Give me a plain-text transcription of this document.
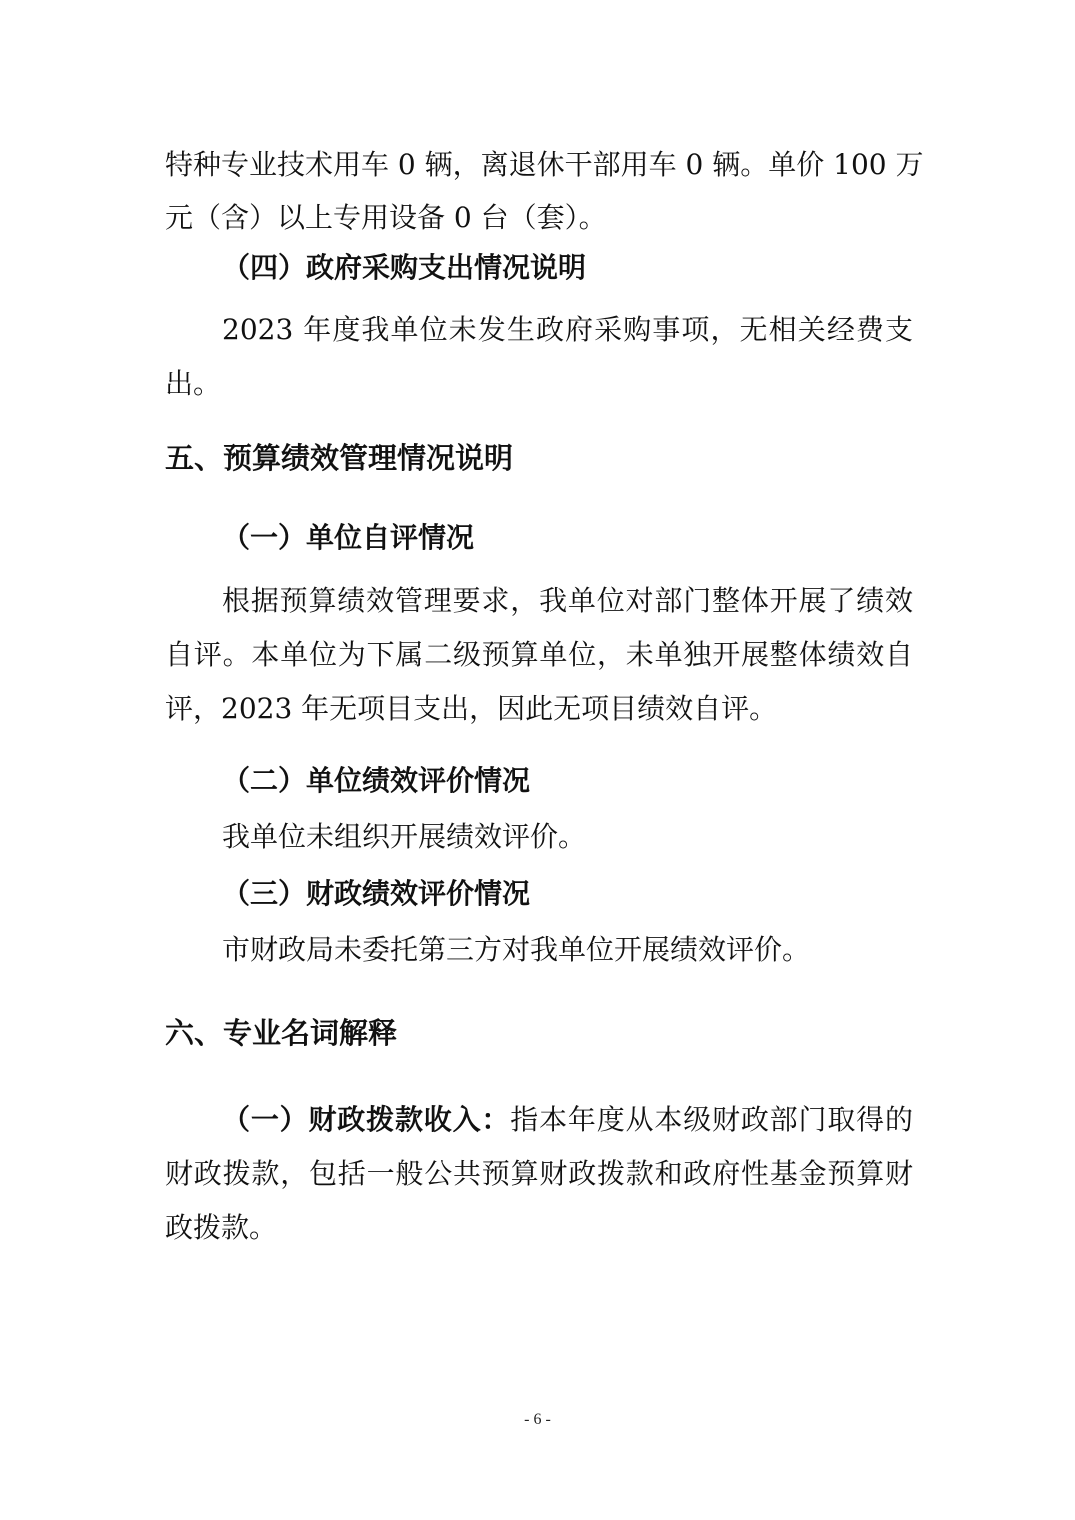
特种专业技术用车 0 辆，离退休干部用车 0 辆。单价 100 万
元（含）以上专用设备 0 台（套）。
（四）政府采购支出情况说明
2023 年度我单位未发生政府采购事项，无相关经费支
出。
五、预算绩效管理情况说明
（一）单位自评情况
根据预算绩效管理要求，我单位对部门整体开展了绩效
自评。本单位为下属二级预算单位，未单独开展整体绩效自
评，2023 年无项目支出，因此无项目绩效自评。
（二）单位绩效评价情况
我单位未组织开展绩效评价。
（三）财政绩效评价情况
市财政局未委托第三方对我单位开展绩效评价。
六、专业名词解释
（一）财政拨款收入：指本年度从本级财政部门取得的
财政拨款，包括一般公共预算财政拨款和政府性基金预算财
政拨款。
- 6 -
